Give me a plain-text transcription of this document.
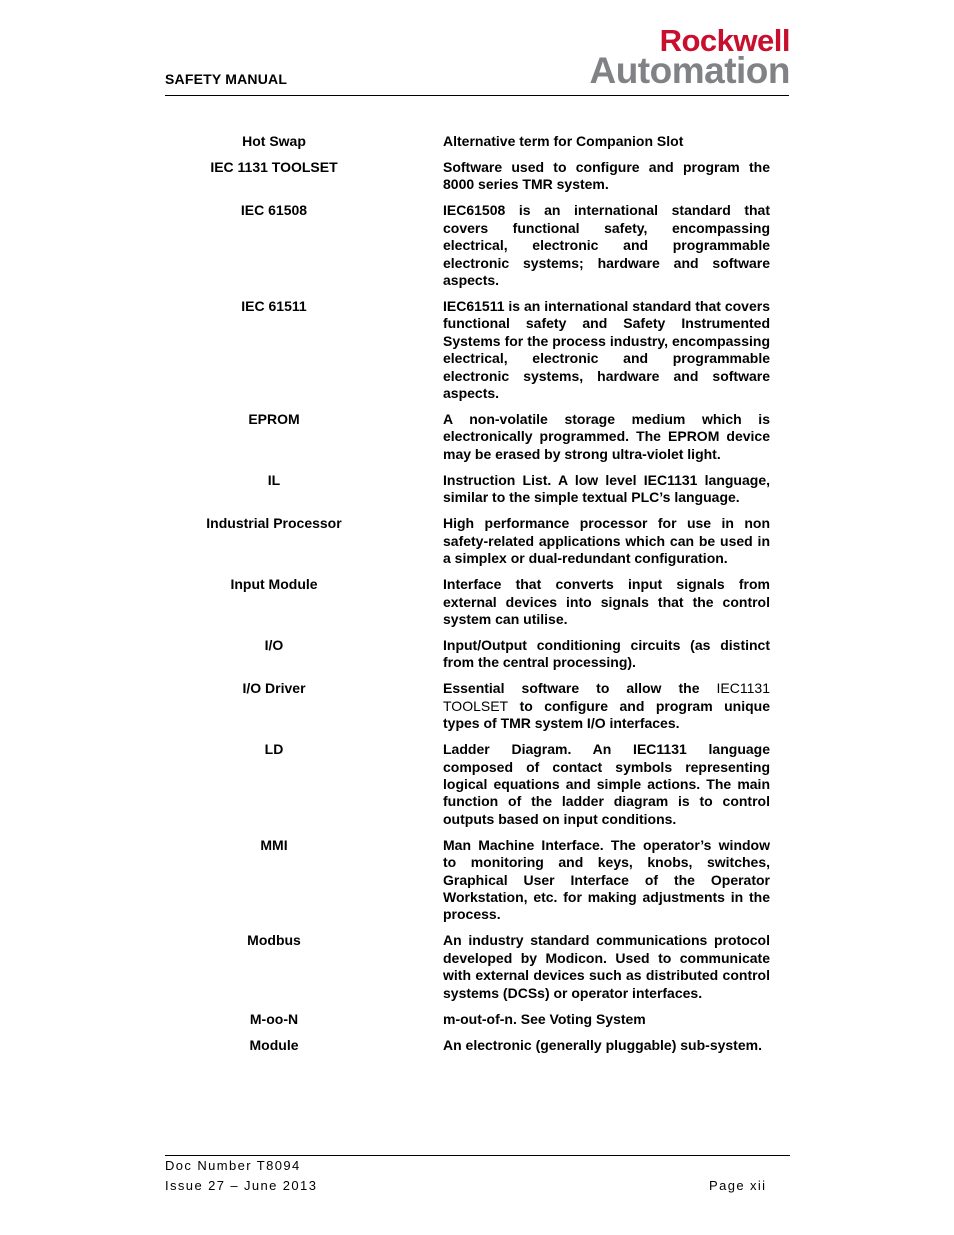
SAFETY MANUAL
Rockwell
Automation
Hot Swap	Alternative term for Companion Slot
IEC 1131 TOOLSET	Software used to configure and program the 8000 series TMR system.
IEC 61508	IEC61508 is an international standard that covers functional safety, encompassing electrical, electronic and programmable electronic systems; hardware and software aspects.
IEC 61511	IEC61511 is an international standard that covers functional safety and Safety Instrumented Systems for the process industry, encompassing electrical, electronic and programmable electronic systems, hardware and software aspects.
EPROM	A non-volatile storage medium which is electronically programmed. The EPROM device may be erased by strong ultra-violet light.
IL	Instruction List. A low level IEC1131 language, similar to the simple textual PLC’s language.
Industrial Processor	High performance processor for use in non safety-related applications which can be used in a simplex or dual-redundant configuration.
Input Module	Interface that converts input signals from external devices into signals that the control system can utilise.
I/O	Input/Output conditioning circuits (as distinct from the central processing).
I/O Driver	Essential software to allow the IEC1131 TOOLSET to configure and program unique types of TMR system I/O interfaces.
LD	Ladder Diagram. An IEC1131 language composed of contact symbols representing logical equations and simple actions. The main function of the ladder diagram is to control outputs based on input conditions.
MMI	Man Machine Interface. The operator’s window to monitoring and keys, knobs, switches, Graphical User Interface of the Operator Workstation, etc. for making adjustments in the process.
Modbus	An industry standard communications protocol developed by Modicon. Used to communicate with external devices such as distributed control systems (DCSs) or operator interfaces.
M-oo-N	m-out-of-n. See Voting System
Module	An electronic (generally pluggable) sub-system.
Doc Number T8094
Issue 27 – June 2013	Page xii
